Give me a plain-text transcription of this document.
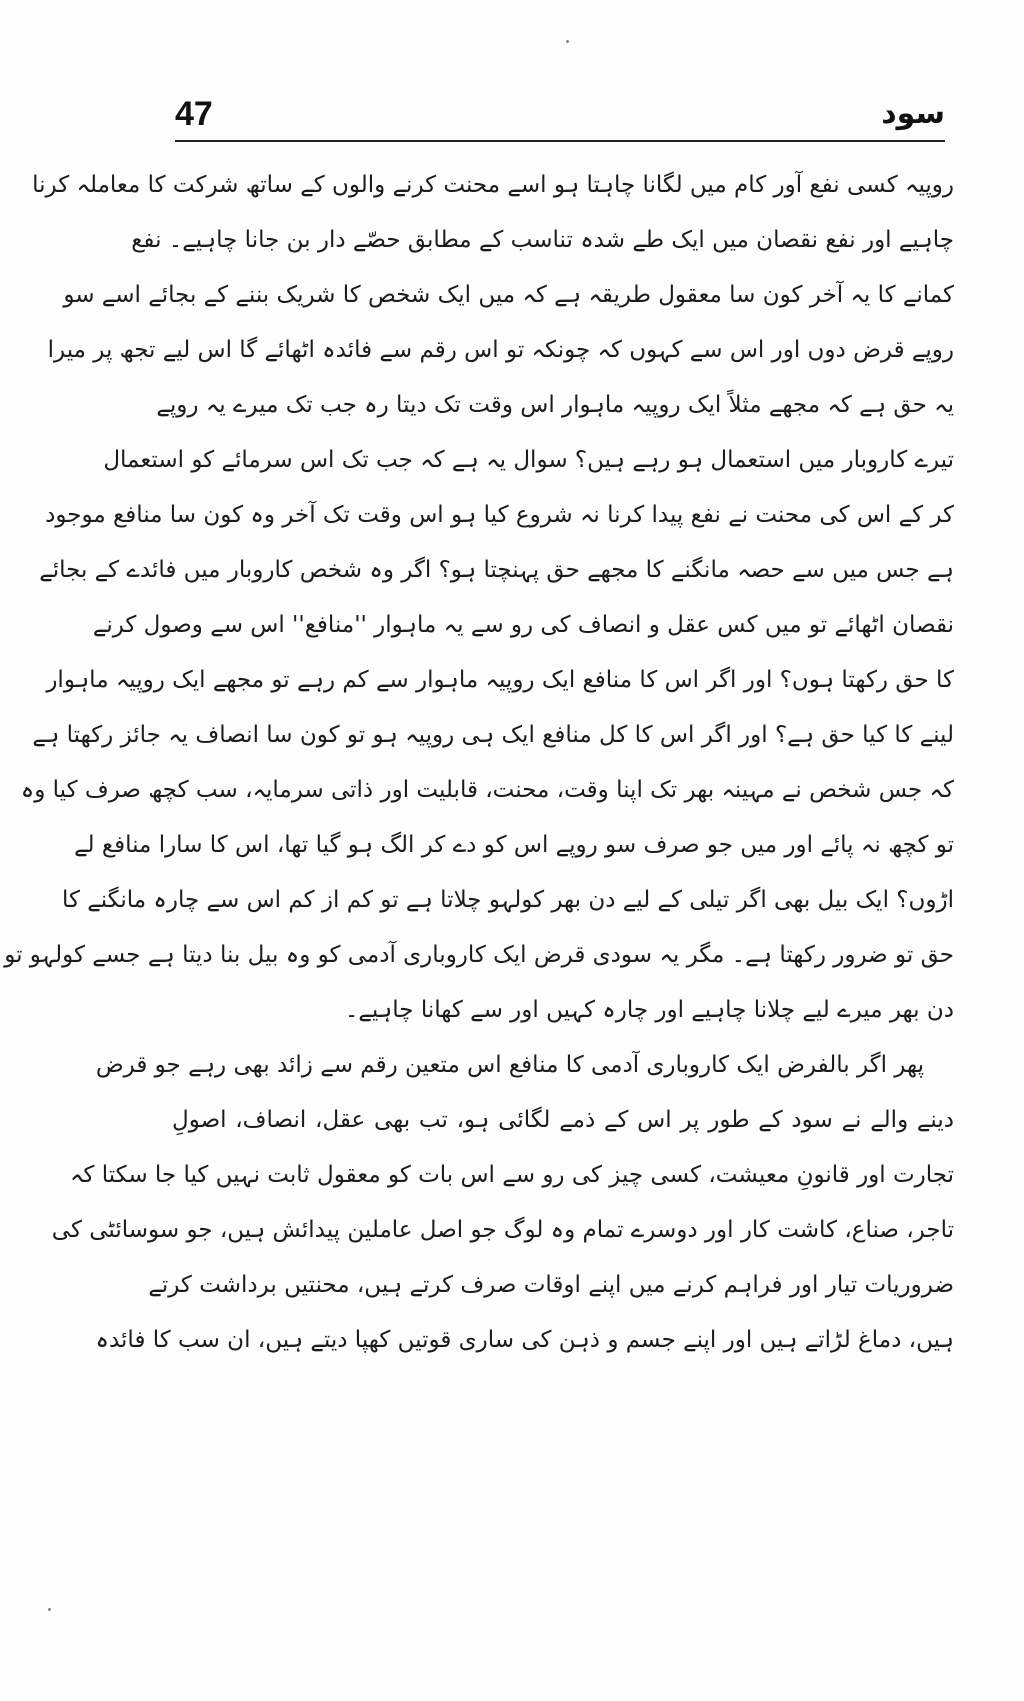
47	سود
روپیہ کسی نفع آور کام میں لگانا چاہتا ہو اسے محنت کرنے والوں کے ساتھ شرکت کا معاملہ کرنا
چاہیے اور نفع نقصان میں ایک طے شدہ تناسب کے مطابق حصّے دار بن جانا چاہیے۔ نفع
کمانے کا یہ آخر کون سا معقول طریقہ ہے کہ میں ایک شخص کا شریک بننے کے بجائے اسے سو
روپے قرض دوں اور اس سے کہوں کہ چونکہ تو اس رقم سے فائدہ اٹھائے گا اس لیے تجھ پر میرا
یہ حق ہے کہ مجھے مثلاً ایک روپیہ ماہوار اس وقت تک دیتا رہ جب تک میرے یہ روپے
تیرے کاروبار میں استعمال ہو رہے ہیں؟ سوال یہ ہے کہ جب تک اس سرمائے کو استعمال
کر کے اس کی محنت نے نفع پیدا کرنا نہ شروع کیا ہو اس وقت تک آخر وہ کون سا منافع موجود
ہے جس میں سے حصہ مانگنے کا مجھے حق پہنچتا ہو؟ اگر وہ شخص کاروبار میں فائدے کے بجائے
نقصان اٹھائے تو میں کس عقل و انصاف کی رو سے یہ ماہوار ''منافع'' اس سے وصول کرنے
کا حق رکھتا ہوں؟ اور اگر اس کا منافع ایک روپیہ ماہوار سے کم رہے تو مجھے ایک روپیہ ماہوار
لینے کا کیا حق ہے؟ اور اگر اس کا کل منافع ایک ہی روپیہ ہو تو کون سا انصاف یہ جائز رکھتا ہے
کہ جس شخص نے مہینہ بھر تک اپنا وقت، محنت، قابلیت اور ذاتی سرمایہ، سب کچھ صرف کیا وہ
تو کچھ نہ پائے اور میں جو صرف سو روپے اس کو دے کر الگ ہو گیا تھا، اس کا سارا منافع لے
اڑوں؟ ایک بیل بھی اگر تیلی کے لیے دن بھر کولہو چلاتا ہے تو کم از کم اس سے چارہ مانگنے کا
حق تو ضرور رکھتا ہے۔ مگر یہ سودی قرض ایک کاروباری آدمی کو وہ بیل بنا دیتا ہے جسے کولہو تو
دن بھر میرے لیے چلانا چاہیے اور چارہ کہیں اور سے کھانا چاہیے۔
پھر اگر بالفرض ایک کاروباری آدمی کا منافع اس متعین رقم سے زائد بھی رہے جو قرض
دینے والے نے سود کے طور پر اس کے ذمے لگائی ہو، تب بھی عقل، انصاف، اصولِ
تجارت اور قانونِ معیشت، کسی چیز کی رو سے اس بات کو معقول ثابت نہیں کیا جا سکتا کہ
تاجر، صناع، کاشت کار اور دوسرے تمام وہ لوگ جو اصل عاملین پیدائش ہیں، جو سوسائٹی کی
ضروریات تیار اور فراہم کرنے میں اپنے اوقات صرف کرتے ہیں، محنتیں برداشت کرتے
ہیں، دماغ لڑاتے ہیں اور اپنے جسم و ذہن کی ساری قوتیں کھپا دیتے ہیں، ان سب کا فائدہ
